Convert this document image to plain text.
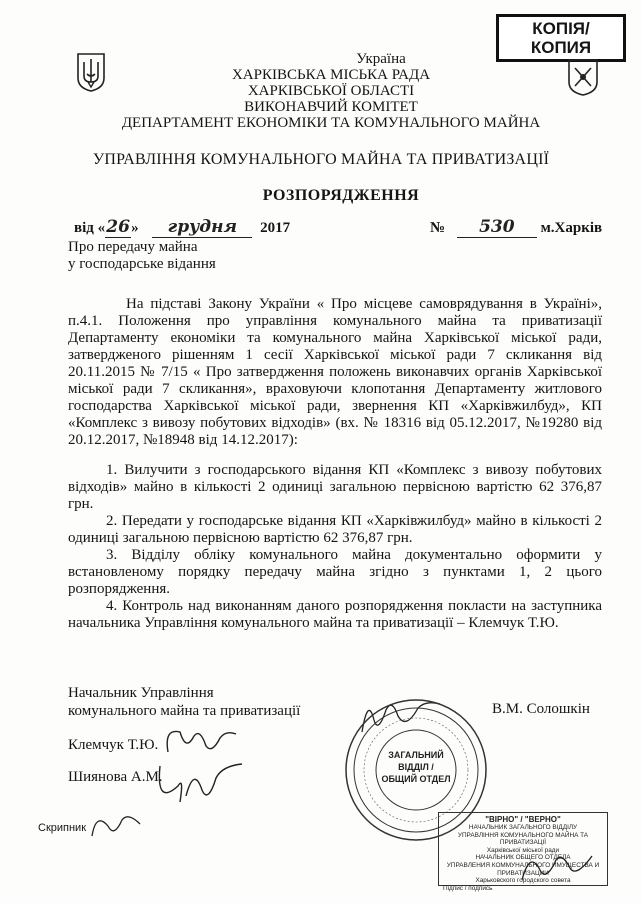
КОПІЯ/
КОПИЯ
Україна
ХАРКІВСЬКА МІСЬКА РАДА
ХАРКІВСЬКОЇ ОБЛАСТІ
ВИКОНАВЧИЙ КОМІТЕТ
ДЕПАРТАМЕНТ ЕКОНОМІКИ ТА КОМУНАЛЬНОГО МАЙНА
УПРАВЛІННЯ КОМУНАЛЬНОГО МАЙНА ТА ПРИВАТИЗАЦІЇ
РОЗПОРЯДЖЕННЯ
від «26» грудня 2017	№ 530 м.Харків
Про передачу майна
у господарське відання
На підставі Закону України « Про місцеве самоврядування в Україні», п.4.1. Положення про управління комунального майна та приватизації Департаменту економіки та комунального майна Харківської міської ради, затвердженого рішенням 1 сесії Харківської міської ради 7 скликання від 20.11.2015 № 7/15 « Про затвердження положень виконавчих органів Харківської міської ради 7 скликання», враховуючи клопотання Департаменту житлового господарства Харківської міської ради, звернення КП «Харківжилбуд», КП «Комплекс з вивозу побутових відходів» (вх. № 18316 від 05.12.2017, №19280 від 20.12.2017, №18948 від 14.12.2017):
1. Вилучити з господарського відання КП «Комплекс з вивозу побутових відходів» майно в кількості 2 одиниці загальною первісною вартістю 62 376,87 грн.
2. Передати у господарське відання КП «Харківжилбуд» майно в кількості 2 одиниці загальною первісною вартістю 62 376,87 грн.
3. Відділу обліку комунального майна документально оформити у встановленому порядку передачу майна згідно з пунктами 1, 2 цього розпорядження.
4. Контроль над виконанням даного розпорядження покласти на заступника начальника Управління комунального майна та приватизації – Клемчук Т.Ю.
Начальник Управління
комунального майна та приватизації	В.М. Солошкін
ЗАГАЛЬНИЙ
ВІДДІЛ /
ОБЩИЙ ОТДЕЛ
Клемчук Т.Ю.
Шиянова А.М.
Скрипник
"ВІРНО" / "ВЕРНО"
НАЧАЛЬНИК ЗАГАЛЬНОГО ВІДДІЛУ
УПРАВЛІННЯ КОМУНАЛЬНОГО МАЙНА ТА ПРИВАТИЗАЦІЇ
Харківської міської ради
НАЧАЛЬНИК ОБЩЕГО ОТДЕЛА
УПРАВЛЕНИЯ КОММУНАЛЬНОГО ИМУЩЕСТВА И ПРИВАТИЗАЦИИ
Харьковского городского совета
Підпис / подпись
